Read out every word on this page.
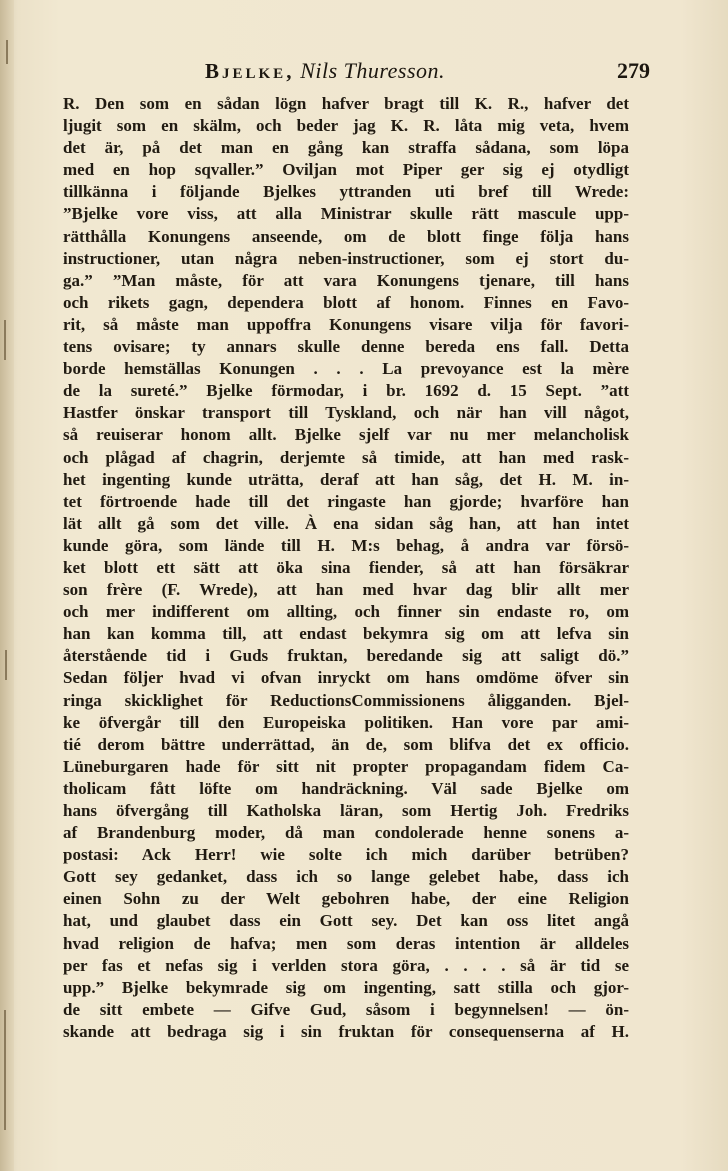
Bjelke, Nils Thuresson.	279
R. Den som en sådan lögn hafver bragt till K. R., hafver det
ljugit som en skälm, och beder jag K. R. låta mig veta, hvem
det är, på det man en gång kan straffa sådana, som löpa
med en hop sqvaller.” Oviljan mot Piper ger sig ej otydligt
tillkänna i följande Bjelkes yttranden uti bref till Wrede:
”Bjelke vore viss, att alla Ministrar skulle rätt mascule upp-
rätthålla Konungens anseende, om de blott finge följa hans
instructioner, utan några neben-instructioner, som ej stort du-
ga.” ”Man måste, för att vara Konungens tjenare, till hans
och rikets gagn, dependera blott af honom. Finnes en Favo-
rit, så måste man uppoffra Konungens visare vilja för favori-
tens ovisare; ty annars skulle denne bereda ens fall. Detta
borde hemställas Konungen . . . La prevoyance est la mère
de la sureté.” Bjelke förmodar, i br. 1692 d. 15 Sept. ”att
Hastfer önskar transport till Tyskland, och när han vill något,
så reuiserar honom allt. Bjelke sjelf var nu mer melancholisk
och plågad af chagrin, derjemte så timide, att han med rask-
het ingenting kunde uträtta, deraf att han såg, det H. M. in-
tet förtroende hade till det ringaste han gjorde; hvarföre han
lät allt gå som det ville. À ena sidan såg han, att han intet
kunde göra, som lände till H. M:s behag, å andra var försö-
ket blott ett sätt att öka sina fiender, så att han försäkrar
son frère (F. Wrede), att han med hvar dag blir allt mer
och mer indifferent om allting, och finner sin endaste ro, om
han kan komma till, att endast bekymra sig om att lefva sin
återstående tid i Guds fruktan, beredande sig att saligt dö.”
Sedan följer hvad vi ofvan inryckt om hans omdöme öfver sin
ringa skicklighet för ReductionsCommissionens åligganden. Bjel-
ke öfvergår till den Europeiska politiken. Han vore par ami-
tié derom bättre underrättad, än de, som blifva det ex officio.
Lüneburgaren hade för sitt nit propter propagandam fidem Ca-
tholicam fått löfte om handräckning. Väl sade Bjelke om
hans öfvergång till Katholska läran, som Hertig Joh. Fredriks
af Brandenburg moder, då man condolerade henne sonens a-
postasi: Ack Herr! wie solte ich mich darüber betrüben?
Gott sey gedanket, dass ich so lange gelebet habe, dass ich
einen Sohn zu der Welt gebohren habe, der eine Religion
hat, und glaubet dass ein Gott sey. Det kan oss litet angå
hvad religion de hafva; men som deras intention är alldeles
per fas et nefas sig i verlden stora göra, . . . . så är tid se
upp.” Bjelke bekymrade sig om ingenting, satt stilla och gjor-
de sitt embete — Gifve Gud, såsom i begynnelsen! — ön-
skande att bedraga sig i sin fruktan för consequenserna af H.
